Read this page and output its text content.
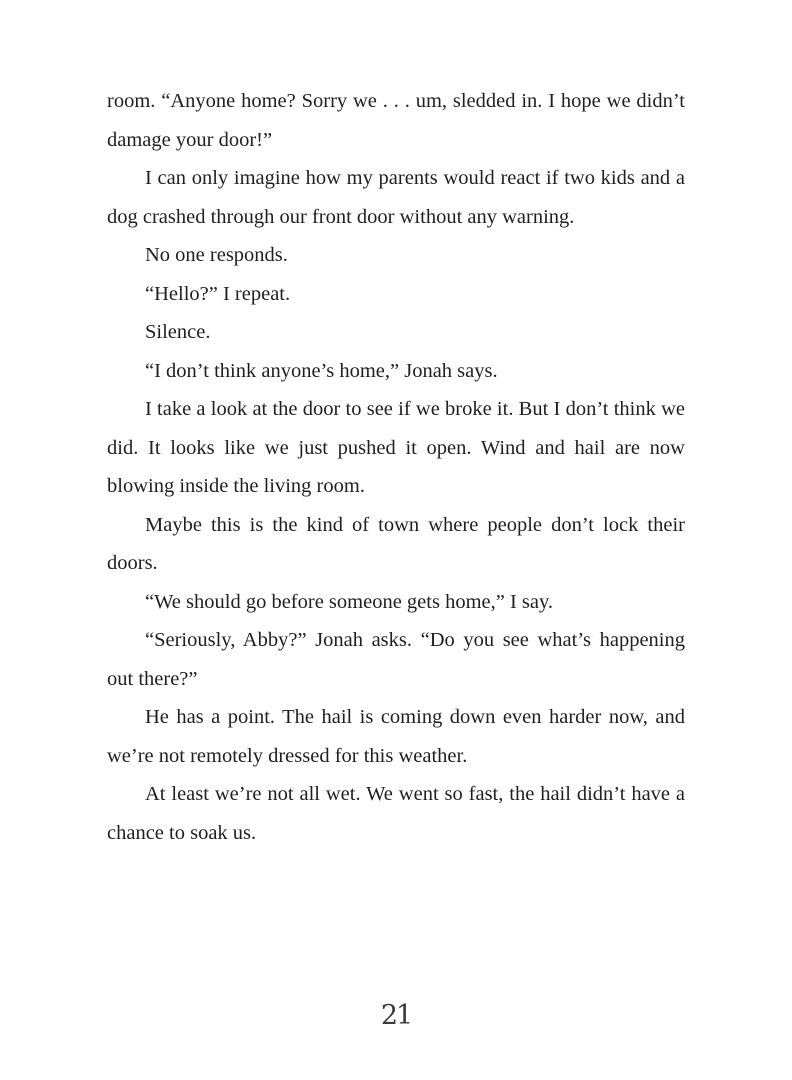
room. “Anyone home? Sorry we . . . um, sledded in. I hope we didn’t damage your door!”

I can only imagine how my parents would react if two kids and a dog crashed through our front door without any warning.

No one responds.

“Hello?” I repeat.

Silence.

“I don’t think anyone’s home,” Jonah says.

I take a look at the door to see if we broke it. But I don’t think we did. It looks like we just pushed it open. Wind and hail are now blowing inside the living room.

Maybe this is the kind of town where people don’t lock their doors.

“We should go before someone gets home,” I say.

“Seriously, Abby?” Jonah asks. “Do you see what’s happening out there?”

He has a point. The hail is coming down even harder now, and we’re not remotely dressed for this weather.

At least we’re not all wet. We went so fast, the hail didn’t have a chance to soak us.

21
